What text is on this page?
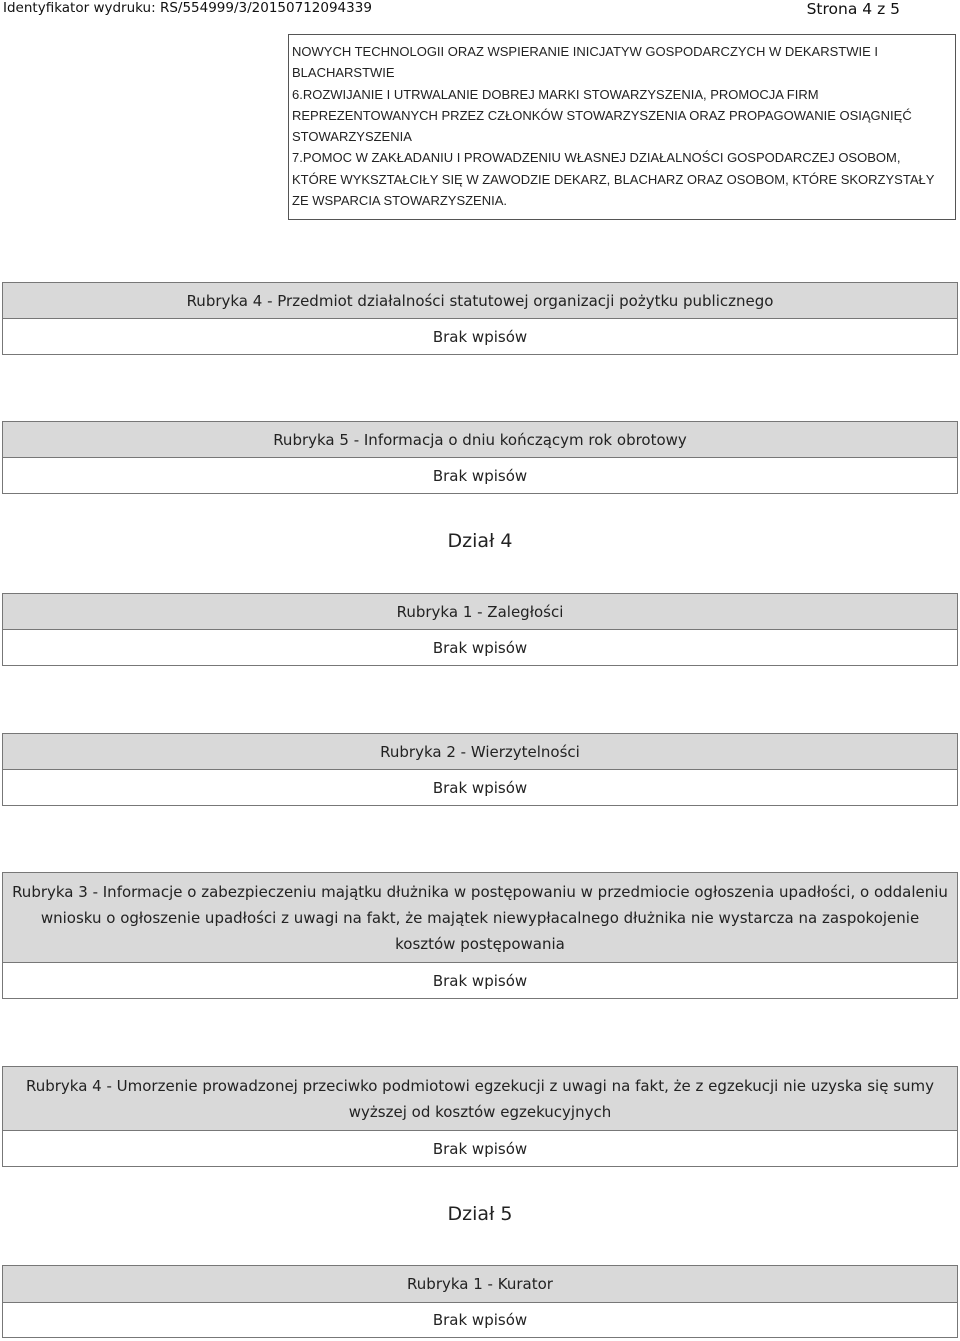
Identyfikator wydruku: RS/554999/3/20150712094339	Strona 4 z 5
NOWYCH TECHNOLOGII ORAZ WSPIERANIE INICJATYW GOSPODARCZYCH W DEKARSTWIE I
BLACHARSTWIE
6.ROZWIJANIE I UTRWALANIE DOBREJ MARKI STOWARZYSZENIA, PROMOCJA FIRM
REPREZENTOWANYCH PRZEZ CZŁONKÓW STOWARZYSZENIA ORAZ PROPAGOWANIE OSIĄGNIĘĆ
STOWARZYSZENIA
7.POMOC W ZAKŁADANIU I PROWADZENIU WŁASNEJ DZIAŁALNOŚCI GOSPODARCZEJ OSOBOM,
KTÓRE WYKSZTAŁCIŁY SIĘ W ZAWODZIE DEKARZ, BLACHARZ ORAZ OSOBOM, KTÓRE SKORZYSTAŁY
ZE WSPARCIA STOWARZYSZENIA.
Rubryka 4 - Przedmiot działalności statutowej organizacji pożytku publicznego
Brak wpisów
Rubryka 5 - Informacja o dniu kończącym rok obrotowy
Brak wpisów
Dział 4
Rubryka 1 - Zaległości
Brak wpisów
Rubryka 2 - Wierzytelności
Brak wpisów
Rubryka 3 - Informacje o zabezpieczeniu majątku dłużnika w postępowaniu w przedmiocie ogłoszenia upadłości, o oddaleniu wniosku o ogłoszenie upadłości z uwagi na fakt, że majątek niewypłacalnego dłużnika nie wystarcza na zaspokojenie kosztów postępowania
Brak wpisów
Rubryka 4 - Umorzenie prowadzonej przeciwko podmiotowi egzekucji z uwagi na fakt, że z egzekucji nie uzyska się sumy wyższej od kosztów egzekucyjnych
Brak wpisów
Dział 5
Rubryka 1 - Kurator
Brak wpisów
